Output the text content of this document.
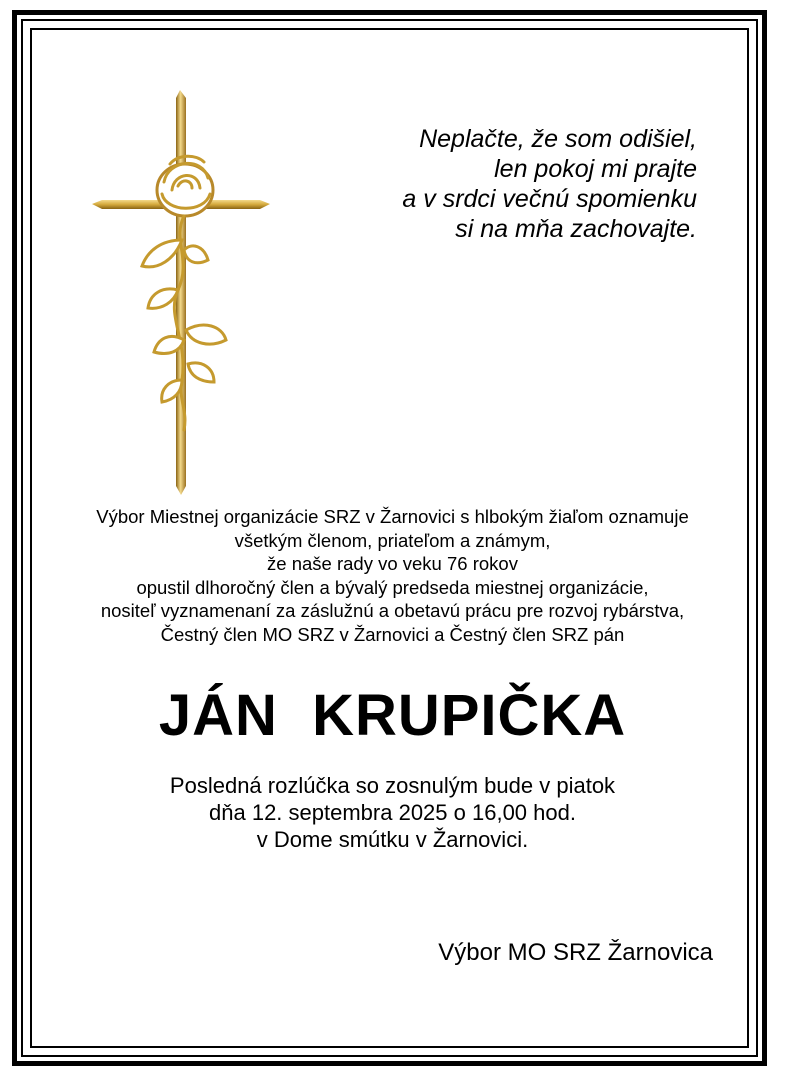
Neplačte, že som odišiel,
len pokoj mi prajte
a v srdci večnú spomienku
si na mňa zachovajte.
Výbor Miestnej organizácie SRZ v Žarnovici s hlbokým žiaľom oznamuje
všetkým členom, priateľom a známym,
že naše rady vo veku 76 rokov
opustil dlhoročný člen a bývalý predseda miestnej organizácie,
nositeľ vyznamenaní za záslužnú a obetavú prácu pre rozvoj rybárstva,
Čestný člen MO SRZ v Žarnovici a Čestný člen SRZ pán
JÁN  KRUPIČKA
Posledná rozlúčka so zosnulým bude v piatok
dňa 12. septembra 2025 o 16,00 hod.
v Dome smútku v Žarnovici.
Výbor MO SRZ Žarnovica
